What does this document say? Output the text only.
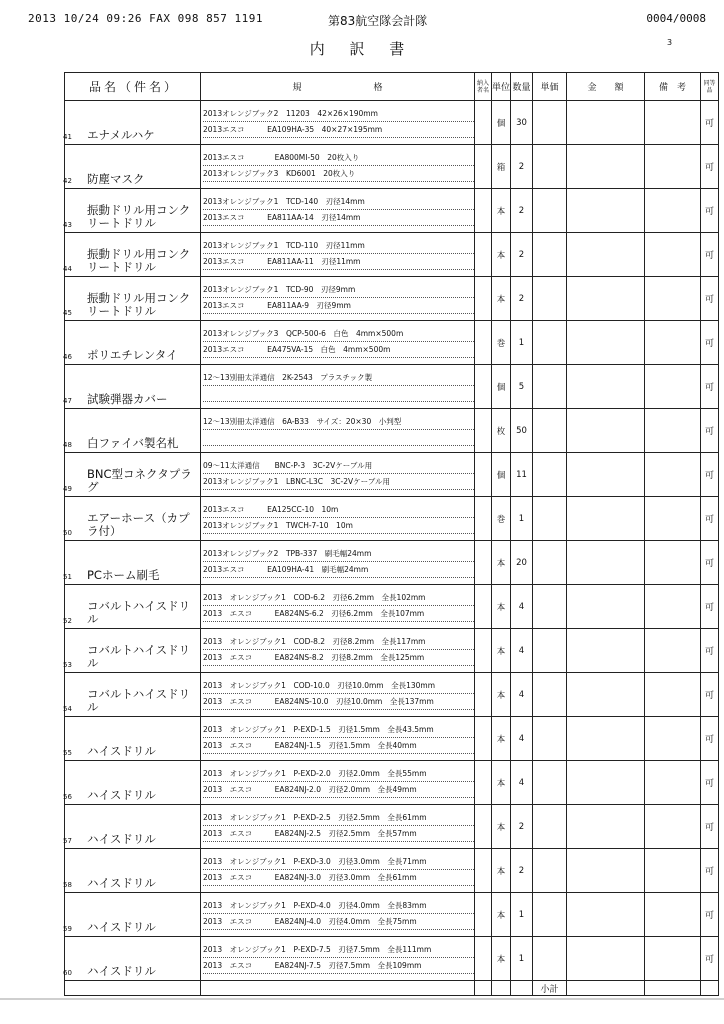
2013 10/24 09:26 FAX 098 857 1191	第83航空隊会計隊	0004/0008
内 訳 書	3
品名（件名）	規　　　　　　　　格	納入者名	単位	数量	単価	金　　額	備　考	同等品

41 エナメルハケ	2013オレンジブック2　11203　42×26×190mm
2013エスコ　　　EA109HA-35　40×27×195mm		個	30				可

42 防塵マスク	2013エスコ　　　　EA800MI-50　20枚入り
2013オレンジブック3　KD6001　20枚入り		箱	2				可

43
振動ドリル用コンクリートドリル	2013オレンジブック1　TCD-140　刃径14mm
2013エスコ　　　EA811AA-14　刃径14mm		本	2				可

44
振動ドリル用コンクリートドリル	2013オレンジブック1　TCD-110　刃径11mm
2013エスコ　　　EA811AA-11　刃径11mm		本	2				可

45
振動ドリル用コンクリートドリル	2013オレンジブック1　TCD-90　刃径9mm
2013エスコ　　　EA811AA-9　刃径9mm		本	2				可

46 ポリエチレンタイ	2013オレンジブック3　QCP-500-6　白色　4mm×500m
2013エスコ　　　EA475VA-15　白色　4mm×500m		巻	1				可

47 試験弾器カバー	12～13別冊太洋通信　2K-2543　プラスチック製		個	5				可

48 白ファイバ製名札	12～13別冊太洋通信　6A-B33　サイズ：20×30　小判型		枚	50				可

49
BNC型コネクタプラグ	09～11太洋通信　　BNC-P-3　3C-2Vケーブル用
2013オレンジブック1　LBNC-L3C　3C-2Vケーブル用		個	11				可

50
エアーホース（カプラ付）	2013エスコ　　　EA125CC-10　10m
2013オレンジブック1　TWCH-7-10　10m		巻	1				可

51 PCホーム刷毛	2013オレンジブック2　TPB-337　刷毛幅24mm
2013エスコ　　　EA109HA-41　刷毛幅24mm		本	20				可

52
コバルトハイスドリル	2013　オレンジブック1　COD-6.2　刃径6.2mm　全長102mm
2013　エスコ　　　EA824NS-6.2　刃径6.2mm　全長107mm		本	4				可

53
コバルトハイスドリル	2013　オレンジブック1　COD-8.2　刃径8.2mm　全長117mm
2013　エスコ　　　EA824NS-8.2　刃径8.2mm　全長125mm		本	4				可

54
コバルトハイスドリル	2013　オレンジブック1　COD-10.0　刃径10.0mm　全長130mm
2013　エスコ　　　EA824NS-10.0　刃径10.0mm　全長137mm		本	4				可

55 ハイスドリル	2013　オレンジブック1　P-EXD-1.5　刃径1.5mm　全長43.5mm
2013　エスコ　　　EA824NJ-1.5　刃径1.5mm　全長40mm		本	4				可

56 ハイスドリル	2013　オレンジブック1　P-EXD-2.0　刃径2.0mm　全長55mm
2013　エスコ　　　EA824NJ-2.0　刃径2.0mm　全長49mm		本	4				可

57 ハイスドリル	2013　オレンジブック1　P-EXD-2.5　刃径2.5mm　全長61mm
2013　エスコ　　　EA824NJ-2.5　刃径2.5mm　全長57mm		本	2				可

58 ハイスドリル	2013　オレンジブック1　P-EXD-3.0　刃径3.0mm　全長71mm
2013　エスコ　　　EA824NJ-3.0　刃径3.0mm　全長61mm		本	2				可

59 ハイスドリル	2013　オレンジブック1　P-EXD-4.0　刃径4.0mm　全長83mm
2013　エスコ　　　EA824NJ-4.0　刃径4.0mm　全長75mm		本	1				可

60 ハイスドリル	2013　オレンジブック1　P-EXD-7.5　刃径7.5mm　全長111mm
2013　エスコ　　　EA824NJ-7.5　刃径7.5mm　全長109mm		本	1				可
					小計			
